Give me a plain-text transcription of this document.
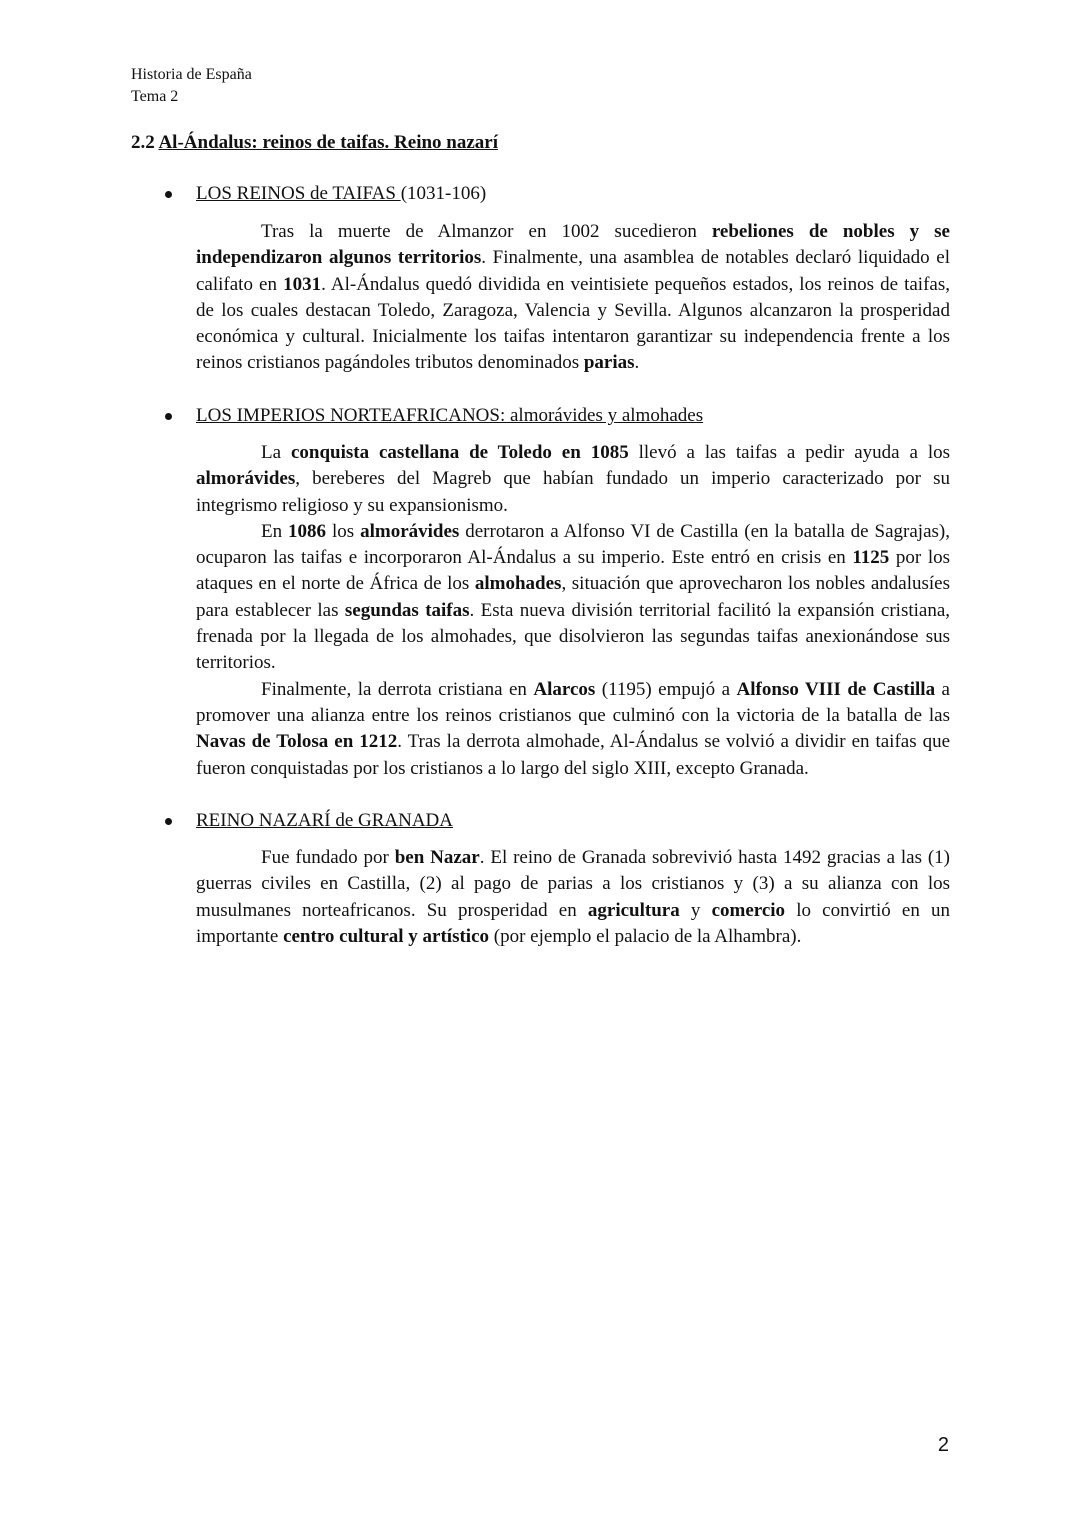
Historia de España
Tema 2
2.2 Al-Ándalus: reinos de taifas. Reino nazarí
LOS REINOS de TAIFAS (1031-106)

Tras la muerte de Almanzor en 1002 sucedieron rebeliones de nobles y se independizaron algunos territorios. Finalmente, una asamblea de notables declaró liquidado el califato en 1031. Al-Ándalus quedó dividida en veintisiete pequeños estados, los reinos de taifas, de los cuales destacan Toledo, Zaragoza, Valencia y Sevilla. Algunos alcanzaron la prosperidad económica y cultural. Inicialmente los taifas intentaron garantizar su independencia frente a los reinos cristianos pagándoles tributos denominados parias.

LOS IMPERIOS NORTEAFRICANOS: almorávides y almohades

La conquista castellana de Toledo en 1085 llevó a las taifas a pedir ayuda a los almorávides, bereberes del Magreb que habían fundado un imperio caracterizado por su integrismo religioso y su expansionismo.

En 1086 los almorávides derrotaron a Alfonso VI de Castilla (en la batalla de Sagrajas), ocuparon las taifas e incorporaron Al-Ándalus a su imperio. Este entró en crisis en 1125 por los ataques en el norte de África de los almohades, situación que aprovecharon los nobles andalusíes para establecer las segundas taifas. Esta nueva división territorial facilitó la expansión cristiana, frenada por la llegada de los almohades, que disolvieron las segundas taifas anexionándose sus territorios.

Finalmente, la derrota cristiana en Alarcos (1195) empujó a Alfonso VIII de Castilla a promover una alianza entre los reinos cristianos que culminó con la victoria de la batalla de las Navas de Tolosa en 1212. Tras la derrota almohade, Al-Ándalus se volvió a dividir en taifas que fueron conquistadas por los cristianos a lo largo del siglo XIII, excepto Granada.

REINO NAZARÍ de GRANADA

Fue fundado por ben Nazar. El reino de Granada sobrevivió hasta 1492 gracias a las (1) guerras civiles en Castilla, (2) al pago de parias a los cristianos y (3) a su alianza con los musulmanes norteafricanos. Su prosperidad en agricultura y comercio lo convirtió en un importante centro cultural y artístico (por ejemplo el palacio de la Alhambra).

2
